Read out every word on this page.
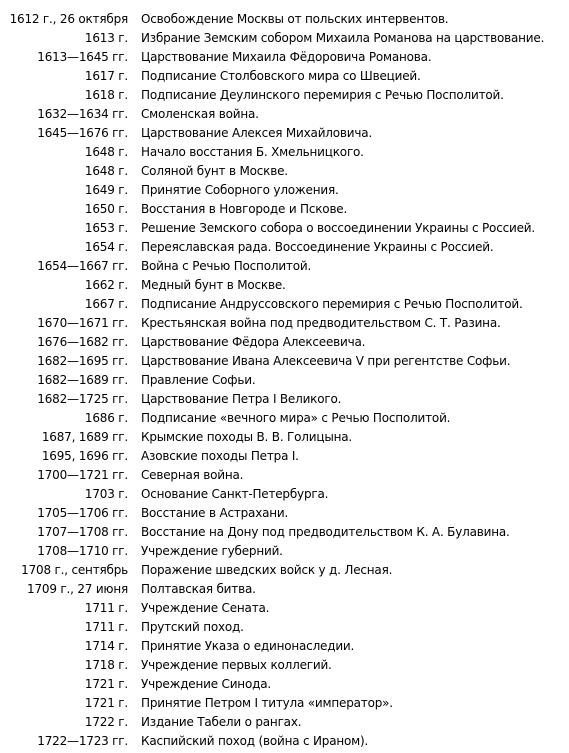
1612 г., 26 октября	Освобождение Москвы от польских интервентов.
1613 г.	Избрание Земским собором Михаила Романова на царствование.
1613—1645 гг.	Царствование Михаила Фёдоровича Романова.
1617 г.	Подписание Столбовского мира со Швецией.
1618 г.	Подписание Деулинского перемирия с Речью Посполитой.
1632—1634 гг.	Смоленская война.
1645—1676 гг.	Царствование Алексея Михайловича.
1648 г.	Начало восстания Б. Хмельницкого.
1648 г.	Соляной бунт в Москве.
1649 г.	Принятие Соборного уложения.
1650 г.	Восстания в Новгороде и Пскове.
1653 г.	Решение Земского собора о воссоединении Украины с Россией.
1654 г.	Переяславская рада. Воссоединение Украины с Россией.
1654—1667 гг.	Война с Речью Посполитой.
1662 г.	Медный бунт в Москве.
1667 г.	Подписание Андруссовского перемирия с Речью Посполитой.
1670—1671 гг.	Крестьянская война под предводительством С. Т. Разина.
1676—1682 гг.	Царствование Фёдора Алексеевича.
1682—1695 гг.	Царствование Ивана Алексеевича V при регентстве Софьи.
1682—1689 гг.	Правление Софьи.
1682—1725 гг.	Царствование Петра I Великого.
1686 г.	Подписание «вечного мира» с Речью Посполитой.
1687, 1689 гг.	Крымские походы В. В. Голицына.
1695, 1696 гг.	Азовские походы Петра I.
1700—1721 гг.	Северная война.
1703 г.	Основание Санкт-Петербурга.
1705—1706 гг.	Восстание в Астрахани.
1707—1708 гг.	Восстание на Дону под предводительством К. А. Булавина.
1708—1710 гг.	Учреждение губерний.
1708 г., сентябрь	Поражение шведских войск у д. Лесная.
1709 г., 27 июня	Полтавская битва.
1711 г.	Учреждение Сената.
1711 г.	Прутский поход.
1714 г.	Принятие Указа о единонаследии.
1718 г.	Учреждение первых коллегий.
1721 г.	Учреждение Синода.
1721 г.	Принятие Петром I титула «император».
1722 г.	Издание Табели о рангах.
1722—1723 гг.	Каспийский поход (война с Ираном).
